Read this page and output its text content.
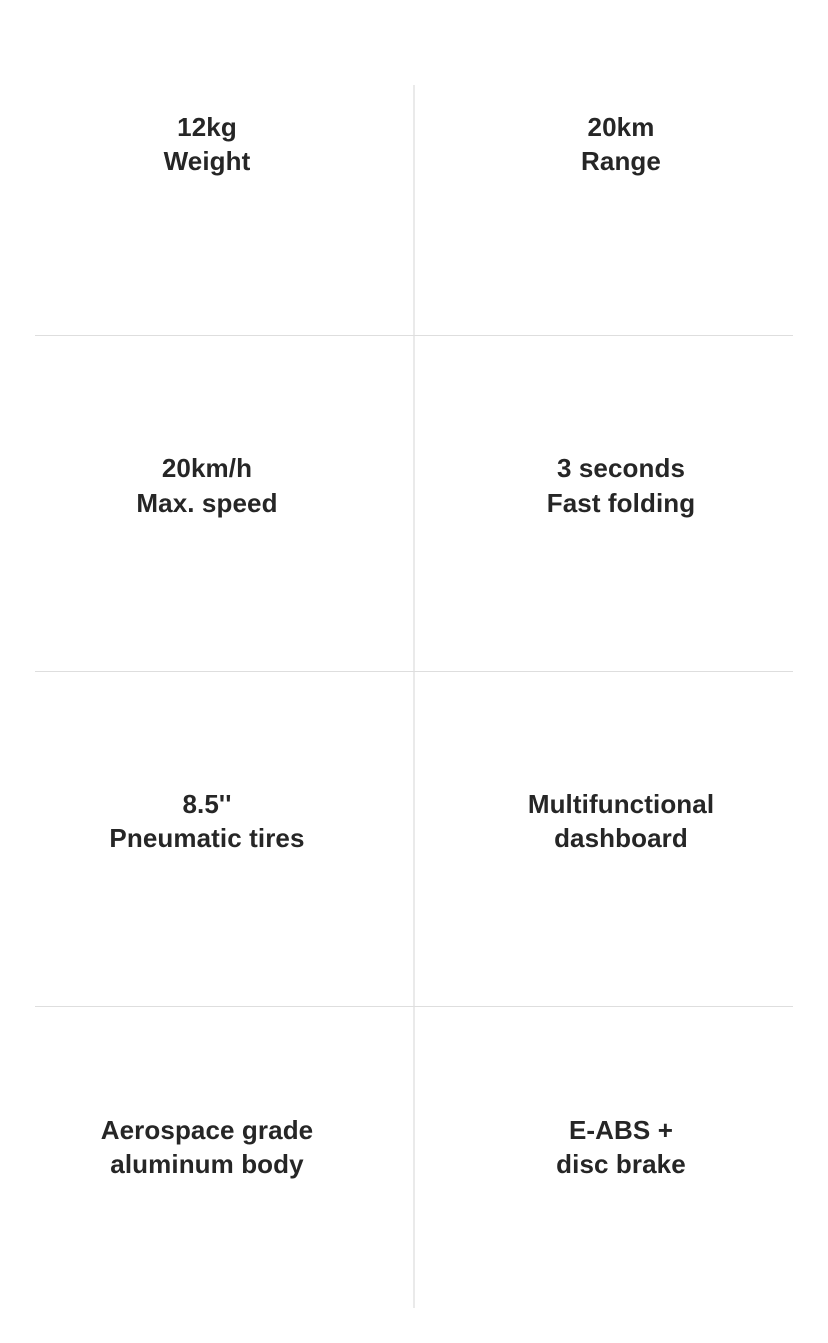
12kg
Weight
20km
Range
20km/h
Max. speed
3 seconds
Fast folding
8.5''
Pneumatic tires
Multifunctional
dashboard
Aerospace grade
aluminum body
E-ABS +
disc brake
